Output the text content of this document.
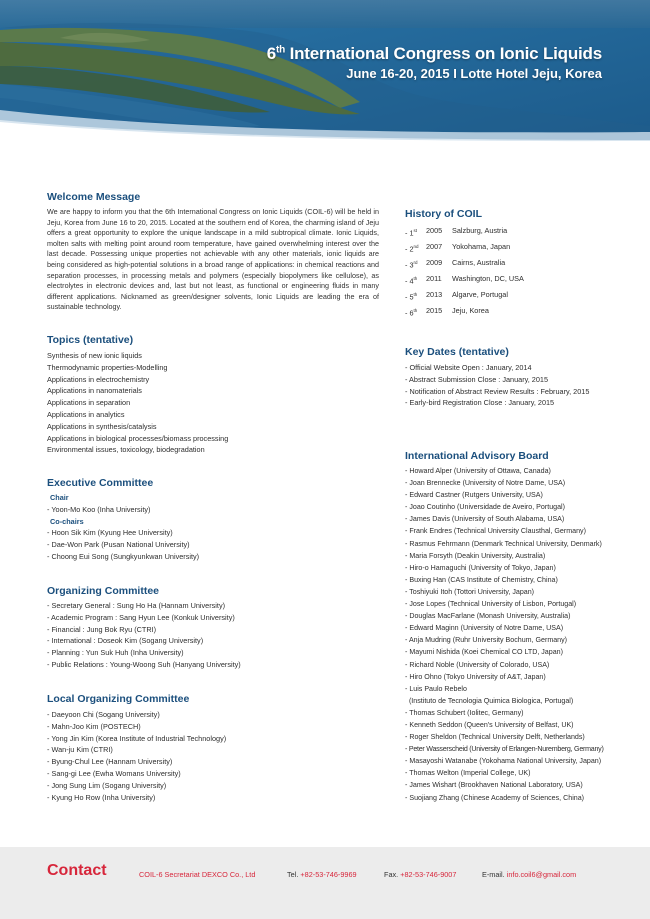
6th International Congress on Ionic Liquids
June 16-20, 2015 I Lotte Hotel Jeju, Korea
Welcome Message
We are happy to inform you that the 6th International Congress on Ionic Liquids (COIL-6) will be held in Jeju, Korea from June 16 to 20, 2015. Located at the southern end of Korea, the charming island of Jeju offers a great opportunity to explore the unique landscape in a mild subtropical climate. Ionic Liquids, molten salts with melting point around room temperature, have gained overwhelming interest over the last decade. Possessing unique properties not achievable with any other materials, ionic liquids are being considered as high-potential solutions in a broad range of applications: in chemical reactions and separation processes, in processing metals and polymers (especially biopolymers like cellulose), as electrolytes in electronic devices and, last but not least, as functional or engineering fluids in many different applications. Nicknamed as green/designer solvents, Ionic Liquids are leading the era of sustainable technology.
Topics (tentative)
Synthesis of new ionic liquids
Thermodynamic properties-Modelling
Applications in electrochemistry
Applications in nanomaterials
Applications in separation
Applications in analytics
Applications in synthesis/catalysis
Applications in biological processes/biomass processing
Environmental issues, toxicology, biodegradation
Executive Committee
Chair
- Yoon-Mo Koo (Inha University)
Co-chairs
- Hoon Sik Kim (Kyung Hee University)
- Dae-Won Park (Pusan National University)
- Choong Eui Song (Sungkyunkwan University)
Organizing Committee
- Secretary General : Sung Ho Ha (Hannam University)
- Academic Program : Sang Hyun Lee (Konkuk University)
- Financial : Jung Bok Ryu (CTRI)
- International : Doseok Kim (Sogang University)
- Planning : Yun Suk Huh (Inha University)
- Public Relations : Young-Woong Suh (Hanyang University)
Local Organizing Committee
- Daeyoon Chi (Sogang University)
- Mahn-Joo Kim (POSTECH)
- Yong Jin Kim (Korea Institute of Industrial Technology)
- Wan-ju Kim (CTRI)
- Byung-Chul Lee (Hannam University)
- Sang-gi Lee (Ewha Womans University)
- Jong Sung Lim (Sogang University)
- Kyung Ho Row (Inha University)
History of COIL
- 1st	2005	Salzburg, Austria
- 2nd	2007	Yokohama, Japan
- 3rd	2009	Cairns, Australia
- 4th	2011	Washington, DC, USA
- 5th	2013	Algarve, Portugal
- 6th	2015	Jeju, Korea
Key Dates (tentative)
- Official Website Open : January, 2014
- Abstract Submission Close : January, 2015
- Notification of Abstract Review Results : February, 2015
- Early-bird Registration Close : January, 2015
International Advisory Board
- Howard Alper (University of Ottawa, Canada)
- Joan Brennecke (University of Notre Dame, USA)
- Edward Castner (Rutgers University, USA)
- Joao Coutinho (Universidade de Aveiro, Portugal)
- James Davis (University of South Alabama, USA)
- Frank Endres (Technical University Clausthal, Germany)
- Rasmus Fehrmann (Denmark Technical University, Denmark)
- Maria Forsyth (Deakin University, Australia)
- Hiro-o Hamaguchi (University of Tokyo, Japan)
- Buxing Han (CAS Institute of Chemistry, China)
- Toshiyuki Itoh (Tottori University, Japan)
- Jose Lopes (Technical University of Lisbon, Portugal)
- Douglas MacFarlane (Monash University, Australia)
- Edward Maginn (University of Notre Dame, USA)
- Anja Mudring (Ruhr University Bochum, Germany)
- Mayumi Nishida (Koei Chemical CO LTD, Japan)
- Richard Noble (University of Colorado, USA)
- Hiro Ohno (Tokyo University of A&T, Japan)
- Luis Paulo Rebelo
(Instituto de Tecnologia Quimica Biologica, Portugal)
- Thomas Schubert (Iolitec, Germany)
- Kenneth Seddon (Queen's University of Belfast, UK)
- Roger Sheldon (Technical University Delft, Netherlands)
- Peter Wasserscheid (University of Erlangen-Nuremberg, Germany)
- Masayoshi Watanabe (Yokohama National University, Japan)
- Thomas Welton (Imperial College, UK)
- James Wishart (Brookhaven National Laboratory, USA)
- Suojiang Zhang (Chinese Academy of Sciences, China)
Contact	COIL-6 Secretariat DEXCO Co., Ltd	Tel. +82-53-746-9969	Fax. +82-53-746-9007	E-mail. info.coil6@gmail.com
